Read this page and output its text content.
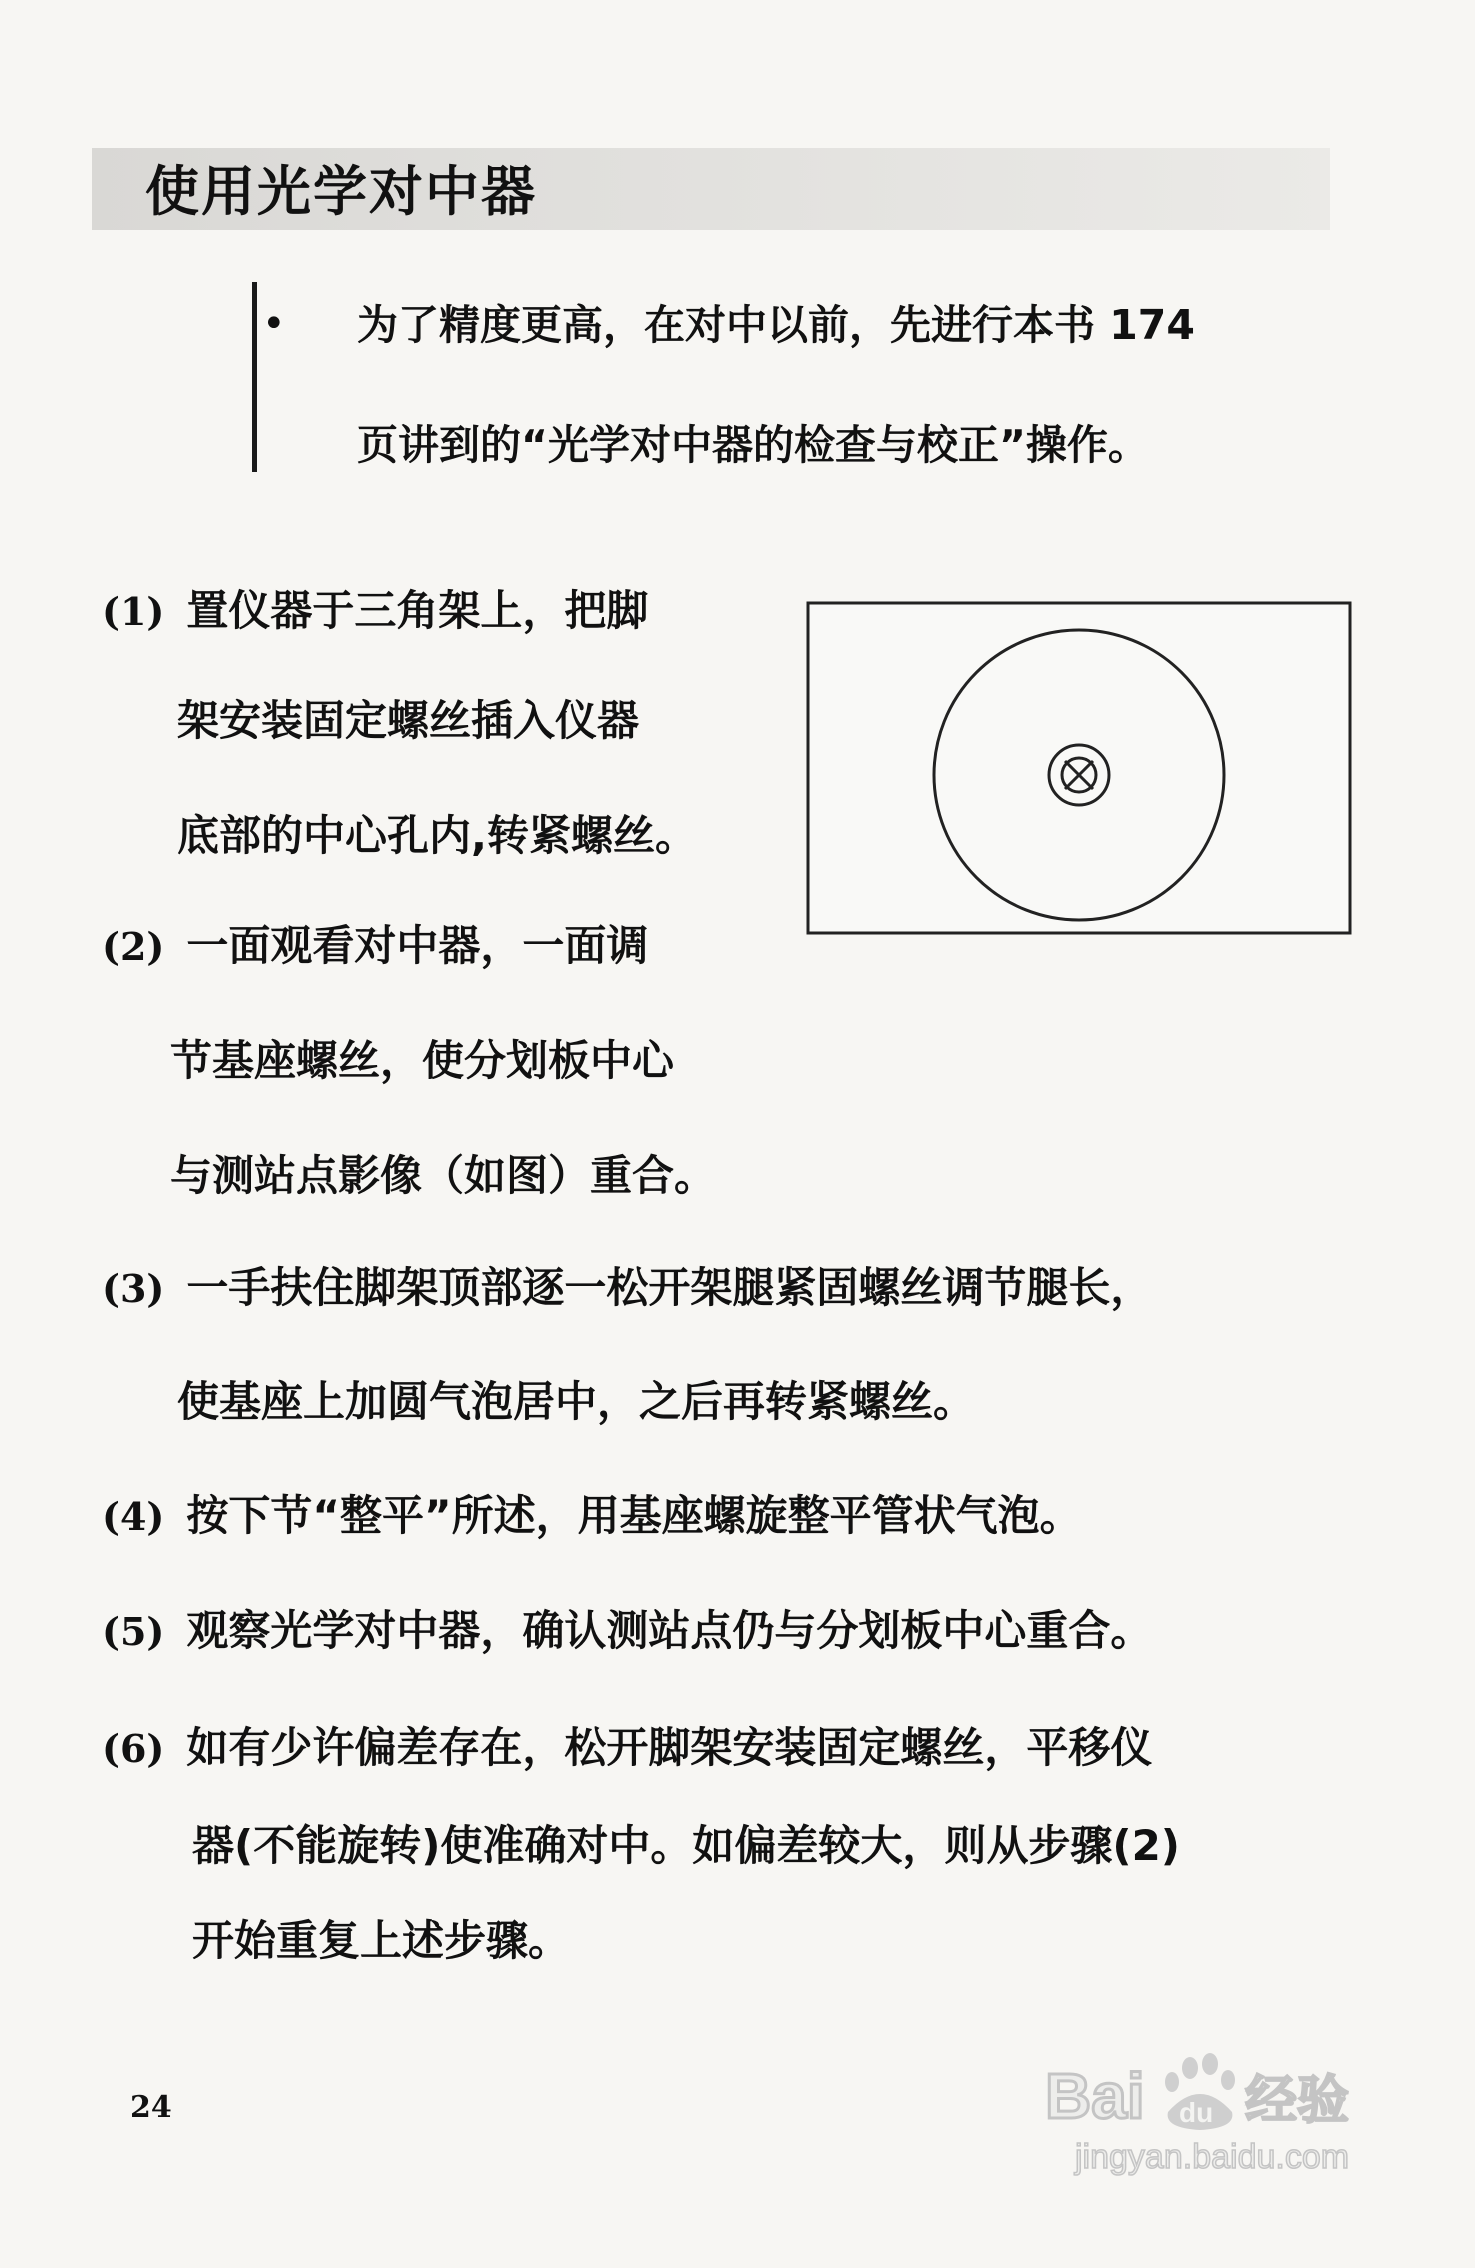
使用光学对中器
• 为了精度更高，在对中以前，先进行本书 174
页讲到的“光学对中器的检查与校正”操作。
(1) 置仪器于三角架上，把脚
架安装固定螺丝插入仪器
底部的中心孔内,转紧螺丝。
(2) 一面观看对中器，一面调
节基座螺丝，使分划板中心
与测站点影像（如图）重合。
(3) 一手扶住脚架顶部逐一松开架腿紧固螺丝调节腿长，
使基座上加圆气泡居中，之后再转紧螺丝。
(4) 按下节“整平”所述，用基座螺旋整平管状气泡。
(5) 观察光学对中器，确认测站点仍与分划板中心重合。
(6) 如有少许偏差存在，松开脚架安装固定螺丝，平移仪
器(不能旋转)使准确对中。如偏差较大，则从步骤(2)
开始重复上述步骤。
24	Bai du 经验
jingyan.baidu.com
